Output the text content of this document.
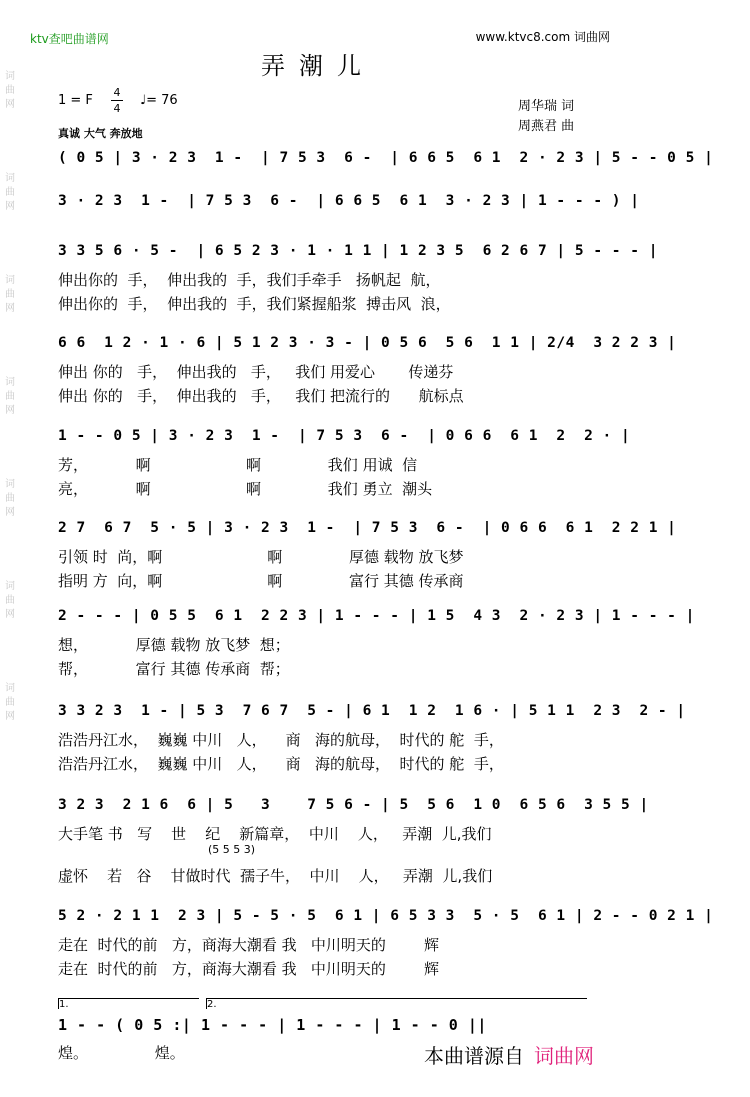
词
曲
网
词
曲
网
词
曲
网
词
曲
网
词
曲
网
词
曲
网
词
曲
网
ktv查吧曲谱网	www.ktvc8.com 词曲网
弄潮儿
1 = F
4
4
♩= 76
真诚 大气 奔放地
周华瑞 词
周燕君 曲
( 0 5 | 3 · 2 3  1 -  | 7 5 3  6 -  | 6 6 5  6 1  2 · 2 3 | 5 - - 0 5 |
3 · 2 3  1 -  | 7 5 3  6 -  | 6 6 5  6 1  3 · 2 3 | 1 - - - ) |
3 3 5 6 · 5 -  | 6 5 2 3 · 1 · 1 1 | 1 2 3 5  6 2 6 7 | 5 - - - |
伸出你的  手，  伸出我的  手，我们手牵手   扬帆起  航，
伸出你的  手，  伸出我的  手，我们紧握船浆  搏击风  浪，
6 6  1 2 · 1 · 6 | 5 1 2 3 · 3 - | 0 5 6  5 6  1 1 | 2/4  3 2 2 3 |
伸出 你的   手，  伸出我的   手，   我们 用爱心       传递芬
伸出 你的   手，  伸出我的   手，   我们 把流行的      航标点
1 - - 0 5 | 3 · 2 3  1 -  | 7 5 3  6 -  | 0 6 6  6 1  2  2 · |
芳，          啊                    啊              我们 用诚  信
亮，          啊                    啊              我们 勇立  潮头
2 7  6 7  5 · 5 | 3 · 2 3  1 -  | 7 5 3  6 -  | 0 6 6  6 1  2 2 1 |
引领 时  尚，啊                      啊              厚德 载物 放飞梦
指明 方  向，啊                      啊              富行 其德 传承商
2 - - - | 0 5 5  6 1  2 2 3 | 1 - - - | 1 5  4 3  2 · 2 3 | 1 - - - |
想，          厚德 载物 放飞梦  想；
帮，          富行 其德 传承商  帮；
3 3 2 3  1 - | 5 3  7 6 7  5 - | 6 1  1 2  1 6 · | 5 1 1  2 3  2 - |
浩浩丹江水，  巍巍 中川   人，    商   海的航母，  时代的 舵  手，
浩浩丹江水，  巍巍 中川   人，    商   海的航母，  时代的 舵  手，
3 2 3  2 1 6  6 | 5   3    7 5 6 - | 5  5 6  1 0  6 5 6  3 5 5 |
(5 5 5 3)
大手笔 书   写    世    纪    新篇章，  中川    人，   弄潮  儿,我们
虚怀    若   谷    甘做时代  孺子牛，  中川    人，   弄潮  儿,我们
5 2 · 2 1 1  2 3 | 5 - 5 · 5  6 1 | 6 5 3 3  5 · 5  6 1 | 2 - - 0 2 1 |
走在  时代的前   方，商海大潮看 我   中川明天的        辉
走在  时代的前   方，商海大潮看 我   中川明天的        辉
1 - - ( 0 5 :| 1 - - - | 1 - - - | 1 - - 0 ||
煌。              煌。
1.	2.
本曲谱源自 词曲网
